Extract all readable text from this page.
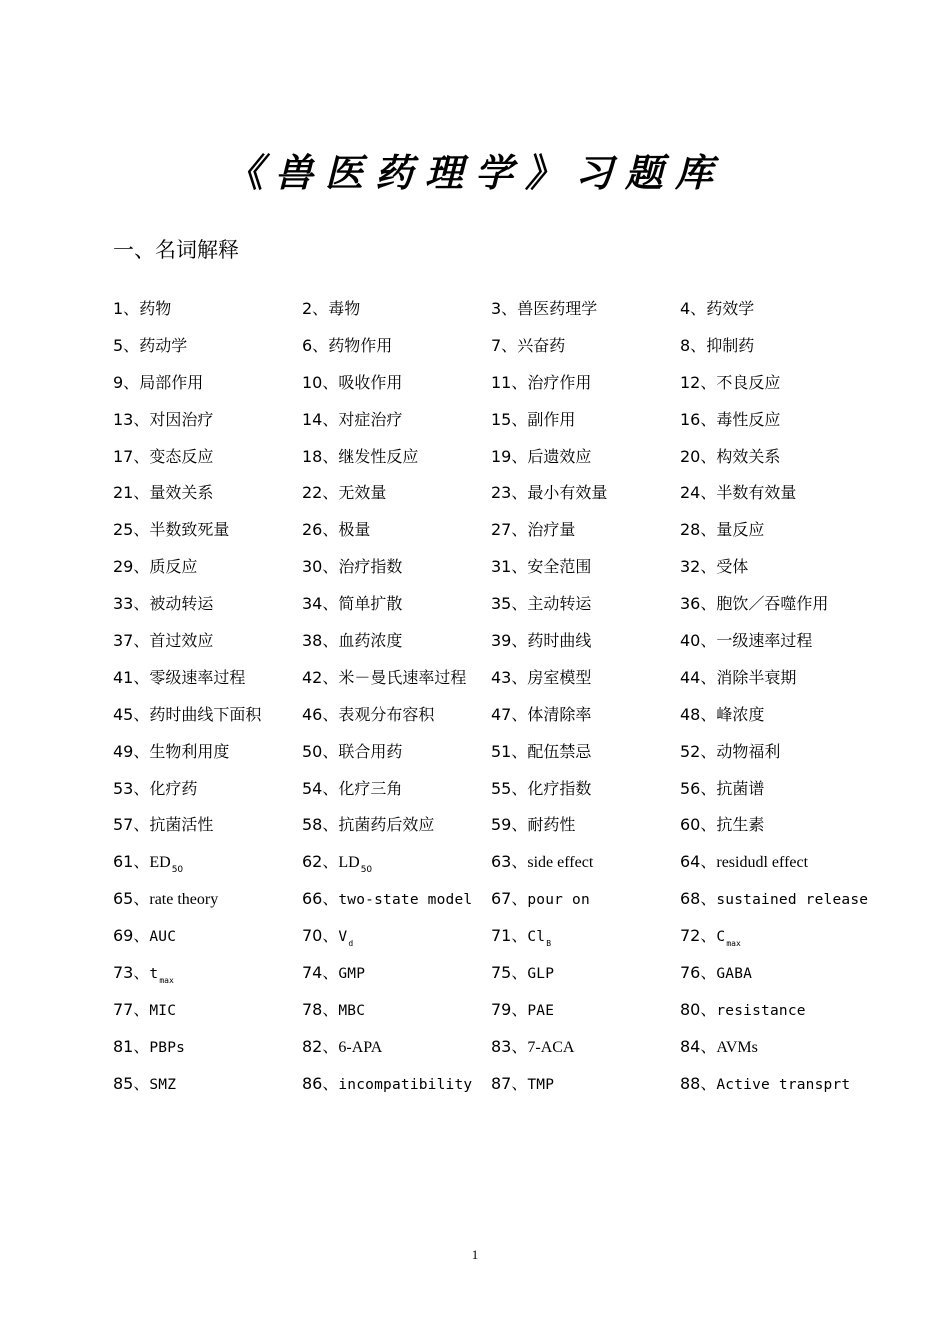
《兽医药理学》习题库
一、名词解释
1、药物	2、毒物	3、兽医药理学	4、药效学
5、药动学	6、药物作用	7、兴奋药	8、抑制药
9、局部作用	10、吸收作用	11、治疗作用	12、不良反应
13、对因治疗	14、对症治疗	15、副作用	16、毒性反应
17、变态反应	18、继发性反应	19、后遗效应	20、构效关系
21、量效关系	22、无效量	23、最小有效量	24、半数有效量
25、半数致死量	26、极量	27、治疗量	28、量反应
29、质反应	30、治疗指数	31、安全范围	32、受体
33、被动转运	34、简单扩散	35、主动转运	36、胞饮／吞噬作用
37、首过效应	38、血药浓度	39、药时曲线	40、一级速率过程
41、零级速率过程	42、米－曼氏速率过程	43、房室模型	44、消除半衰期
45、药时曲线下面积	46、表观分布容积	47、体清除率	48、峰浓度
49、生物利用度	50、联合用药	51、配伍禁忌	52、动物福利
53、化疗药	54、化疗三角	55、化疗指数	56、抗菌谱
57、抗菌活性	58、抗菌药后效应	59、耐药性	60、抗生素
61、$ED_{50}$	62、$LD_{50}$	63、side effect	64、residudl effect
65、rate theory	66、two-state model	67、pour on	68、sustained release
69、AUC	70、$V_d$	71、$Cl_B$	72、$C_{max}$
73、$t_{max}$	74、GMP	75、GLP	76、GABA
77、MIC	78、MBC	79、PAE	80、resistance
81、PBPs	82、6-APA	83、7-ACA	84、AVMs
85、SMZ	86、incompatibility	87、TMP	88、Active transprt
1
